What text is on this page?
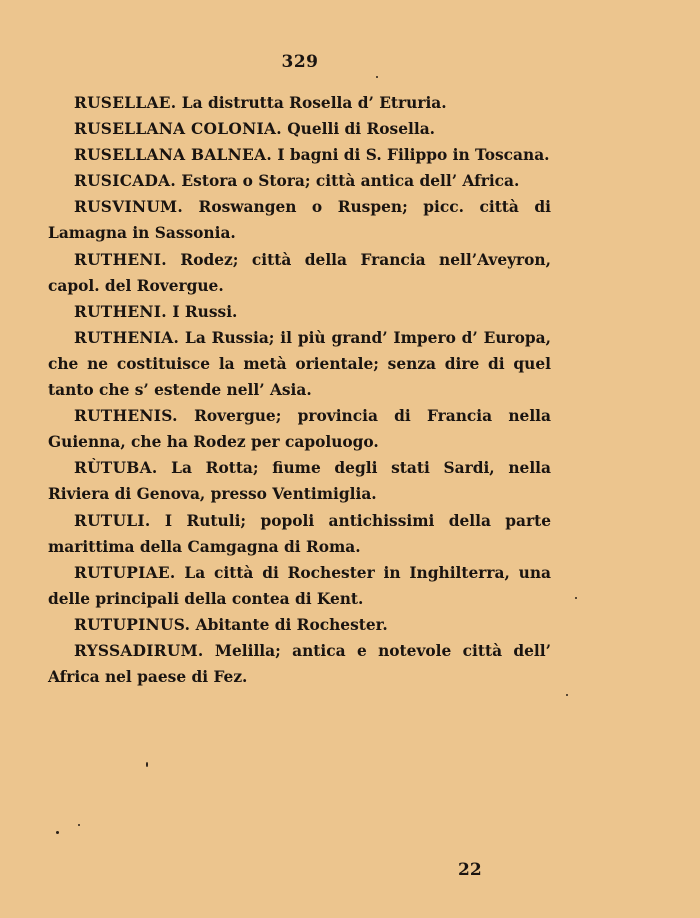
329

RUSELLAE. La distrutta Rosella d’ Etruria.

RUSELLANA COLONIA. Quelli di Rosella.

RUSELLANA BALNEA. I bagni di S. Filippo in Toscana.

RUSICADA. Estora o Stora; città antica dell’ Africa.

RUSVINUM. Roswangen o Ruspen; picc. città di Lamagna in Sassonia.

RUTHENI. Rodez; città della Francia nell’Aveyron, capol. del Rovergue.

RUTHENI. I Russi.

RUTHENIA. La Russia; il più grand’ Impero d’ Europa, che ne costituisce la metà orientale; senza dire di quel tanto che s’ estende nell’ Asia.

RUTHENIS. Rovergue; provincia di Francia nella Guienna, che ha Rodez per capoluogo.

RÙTUBA. La Rotta; fiume degli stati Sardi, nella Riviera di Genova, presso Ventimiglia.

RUTULI. I Rutuli; popoli antichissimi della parte marittima della Camgagna di Roma.

RUTUPIAE. La città di Rochester in Inghilterra, una delle principali della contea di Kent.

RUTUPINUS. Abitante di Rochester.

RYSSADIRUM. Melilla; antica e notevole città dell’ Africa nel paese di Fez.

22
